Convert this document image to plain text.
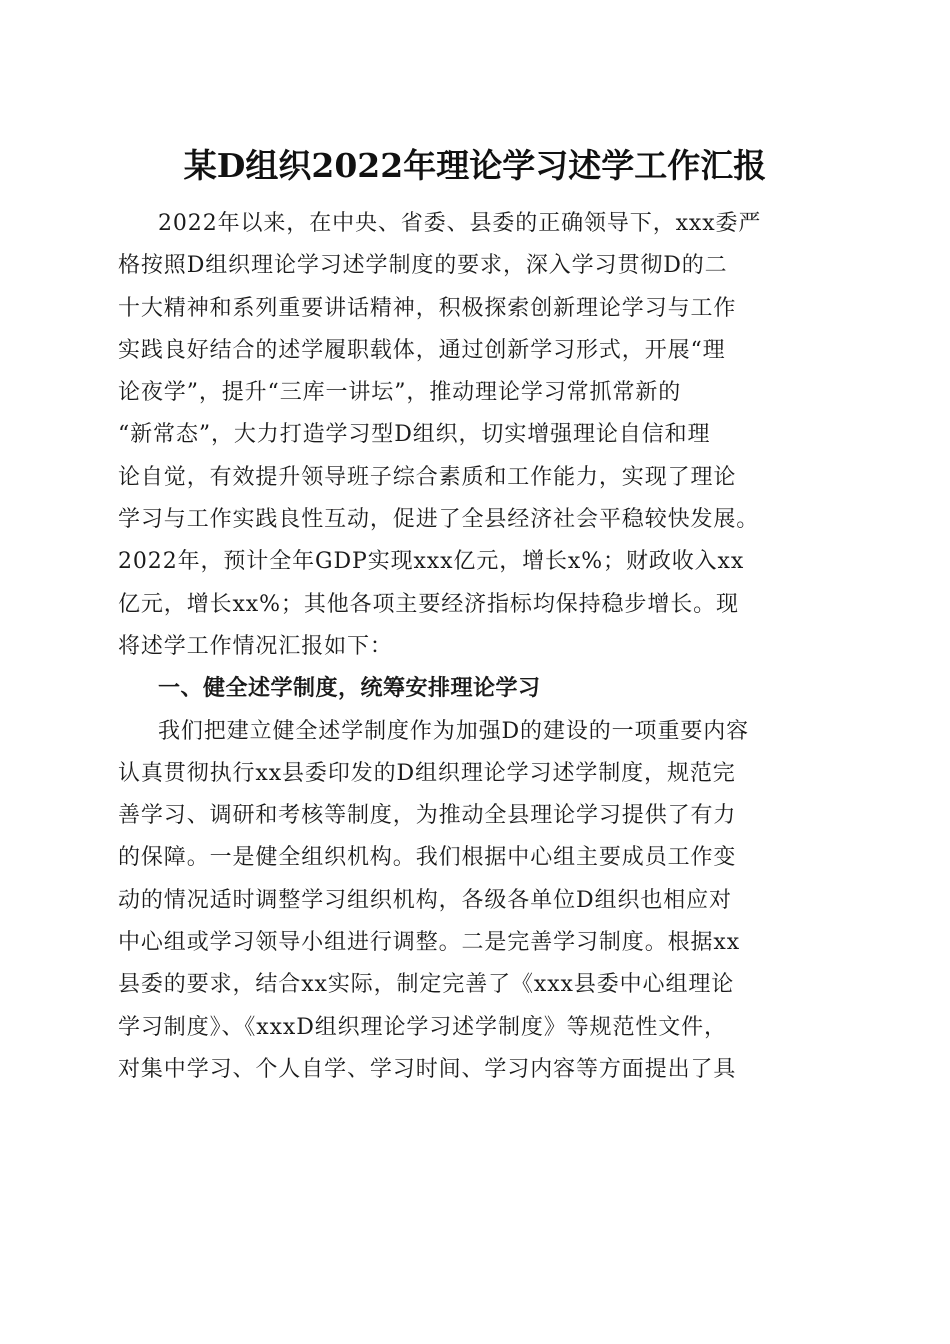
某D组织2022年理论学习述学工作汇报
2022年以来，在中央、省委、县委的正确领导下，xxx委严
格按照D组织理论学习述学制度的要求，深入学习贯彻D的二
十大精神和系列重要讲话精神，积极探索创新理论学习与工作
实践良好结合的述学履职载体，通过创新学习形式，开展“理
论夜学”，提升“三库一讲坛”，推动理论学习常抓常新的
“新常态”，大力打造学习型D组织，切实增强理论自信和理
论自觉，有效提升领导班子综合素质和工作能力，实现了理论
学习与工作实践良性互动，促进了全县经济社会平稳较快发展。
2022年，预计全年GDP实现xxx亿元，增长x%；财政收入xx
亿元，增长xx%；其他各项主要经济指标均保持稳步增长。现
将述学工作情况汇报如下：
一、健全述学制度，统筹安排理论学习
我们把建立健全述学制度作为加强D的建设的一项重要内容
认真贯彻执行xx县委印发的D组织理论学习述学制度，规范完
善学习、调研和考核等制度，为推动全县理论学习提供了有力
的保障。一是健全组织机构。我们根据中心组主要成员工作变
动的情况适时调整学习组织机构，各级各单位D组织也相应对
中心组或学习领导小组进行调整。二是完善学习制度。根据xx
县委的要求，结合xx实际，制定完善了《xxx县委中心组理论
学习制度》、《xxxD组织理论学习述学制度》等规范性文件，
对集中学习、个人自学、学习时间、学习内容等方面提出了具
